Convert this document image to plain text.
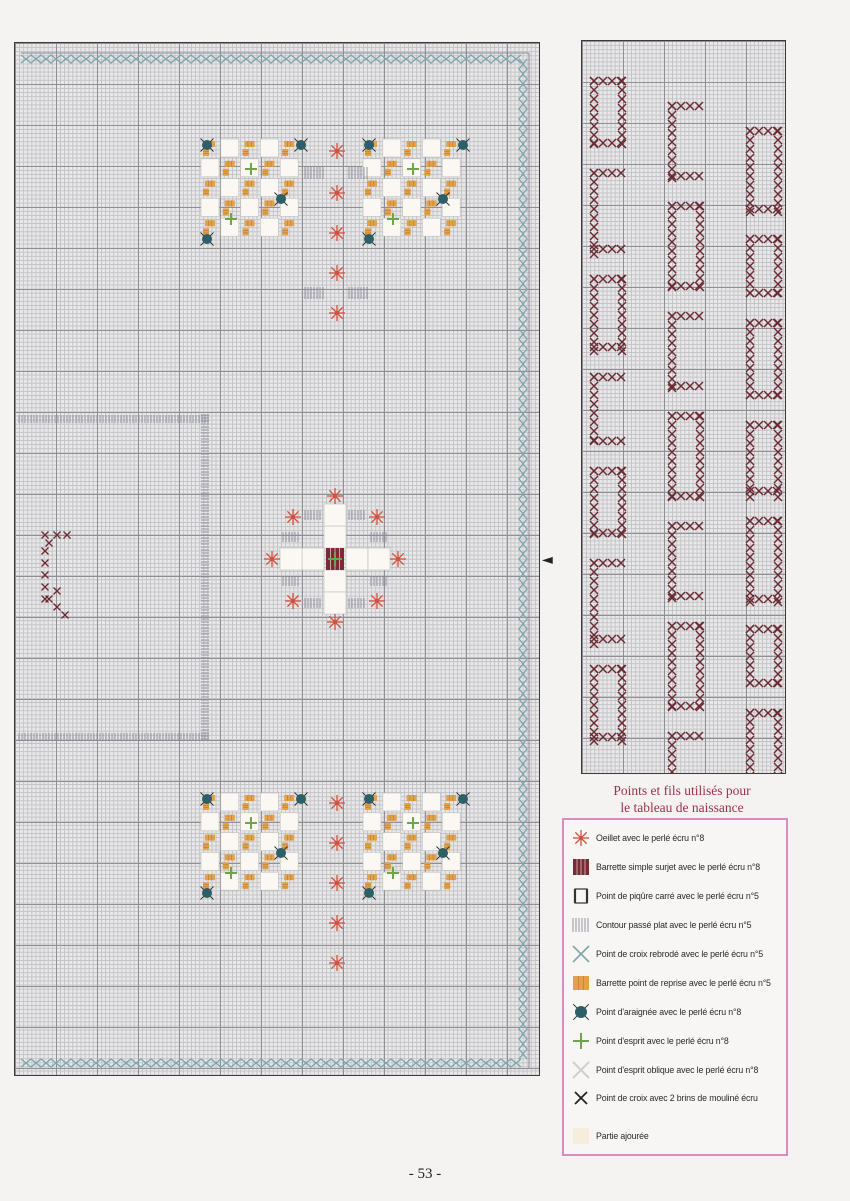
◄
Points et fils utilisés pour
le tableau de naissance
Oeillet avec le perlé écru n°8
Barrette simple surjet avec le perlé écru n°8
Point de piqûre carré avec le perlé écru n°5
Contour passé plat avec le perlé écru n°5
Point de croix rebrodé avec le perlé écru n°5
Barrette point de reprise avec le perlé écru n°5
Point d'araignée avec le perlé écru n°8
Point d'esprit avec le perlé écru n°8
Point d'esprit oblique avec le perlé écru n°8
Point de croix avec 2 brins de mouliné écru
Partie ajourée
- 53 -
